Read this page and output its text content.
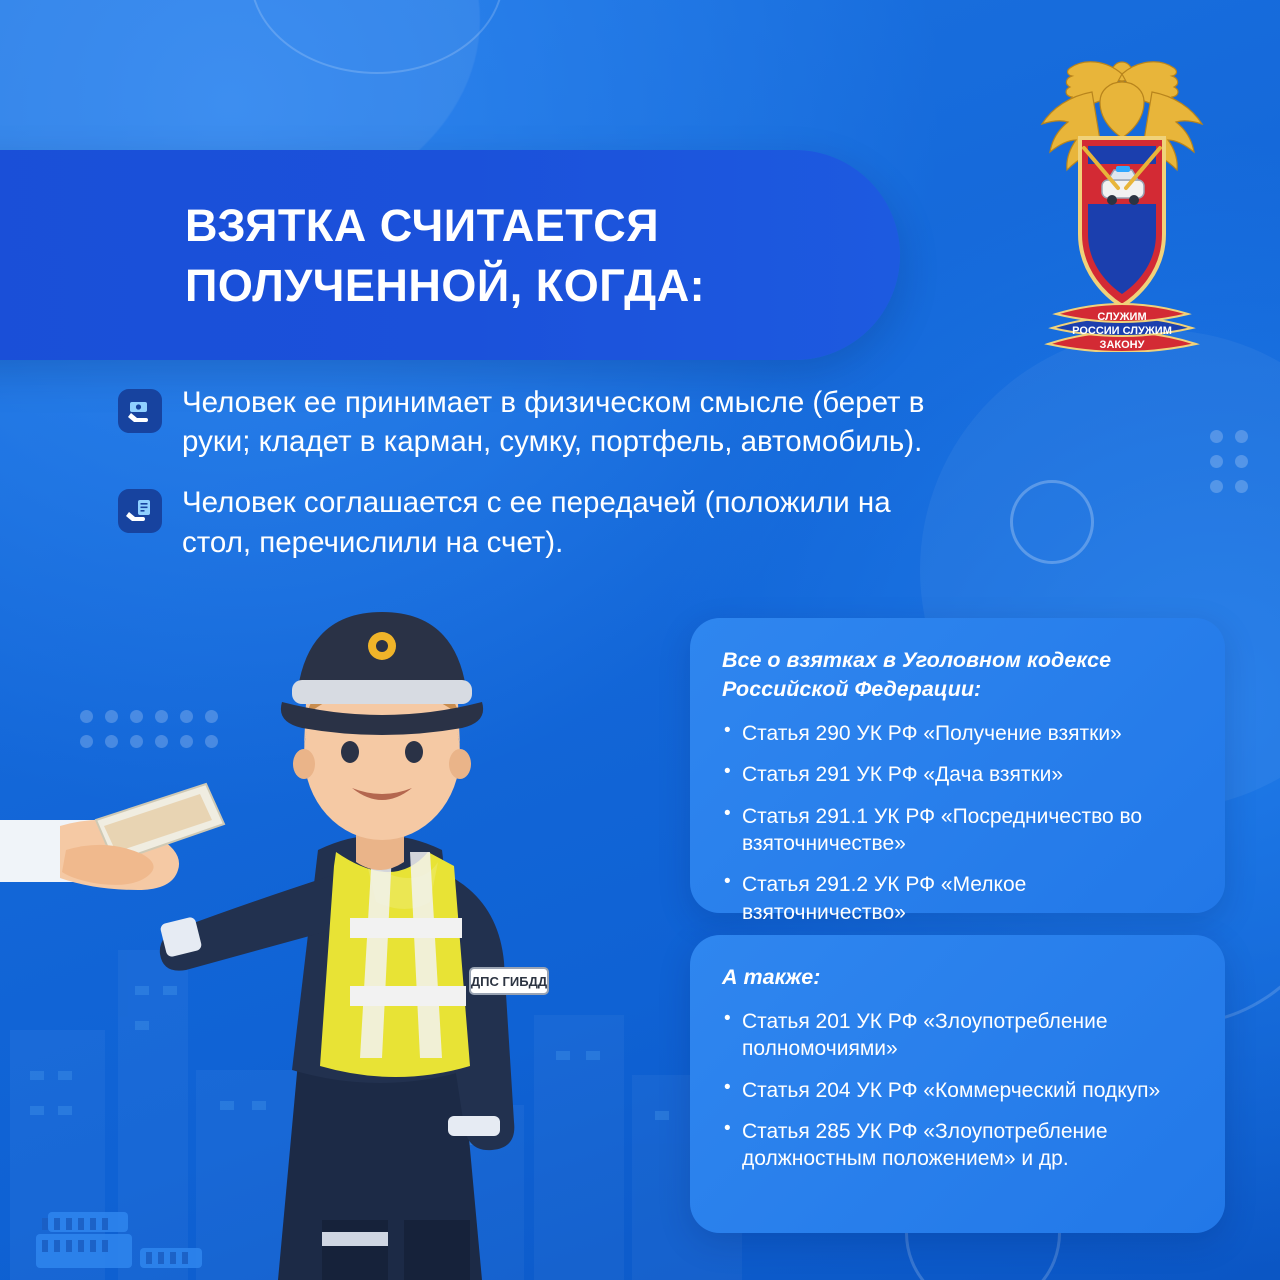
ВЗЯТКА СЧИТАЕТСЯ ПОЛУЧЕННОЙ, КОГДА:
СЛУЖИМ
РОССИИ СЛУЖИМ
ЗАКОНУ
Человек ее принимает в физическом смысле (берет в руки; кладет в карман, сумку, портфель, автомобиль).
Человек соглашается с ее передачей (положили на стол, перечислили на счет).
ДПС ГИБДД
Все о взятках в Уголовном кодексе Российской Федерации:
• Статья 290 УК РФ «Получение взятки»
• Статья 291 УК РФ «Дача взятки»
• Статья 291.1 УК РФ «Посредничество во взяточничестве»
• Статья 291.2 УК РФ «Мелкое взяточничество»
А также:
• Статья 201 УК РФ «Злоупотребление полномочиями»
• Статья 204 УК РФ «Коммерческий подкуп»
• Статья 285 УК РФ «Злоупотребление должностным положением» и др.
